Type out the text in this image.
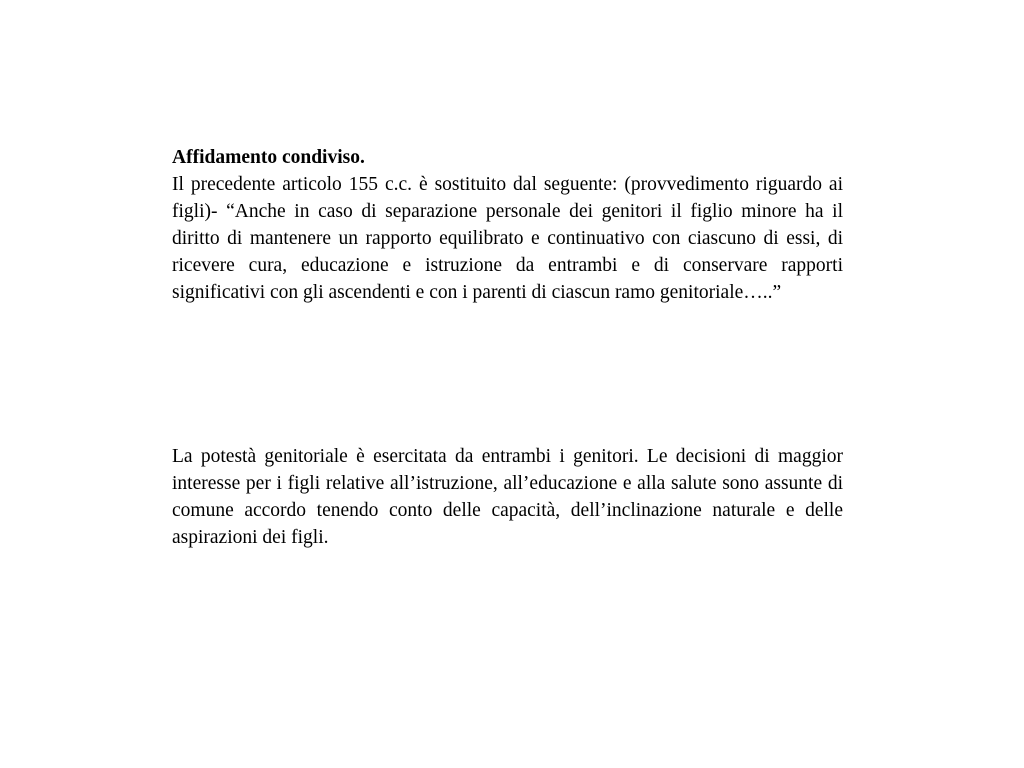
Affidamento condiviso.

Il precedente articolo 155 c.c. è sostituito dal seguente: (provvedimento riguardo ai figli)- “Anche in caso di separazione personale dei genitori il figlio minore ha il diritto di mantenere un rapporto equilibrato e continuativo con ciascuno di essi, di ricevere cura, educazione e istruzione da entrambi e di conservare rapporti significativi con gli ascendenti e con i parenti di ciascun ramo genitoriale…..”

La potestà genitoriale è esercitata da entrambi i genitori. Le decisioni di maggior interesse per i figli relative all’istruzione, all’educazione e alla salute sono assunte di comune accordo tenendo conto delle capacità, dell’inclinazione naturale e delle aspirazioni dei figli.
